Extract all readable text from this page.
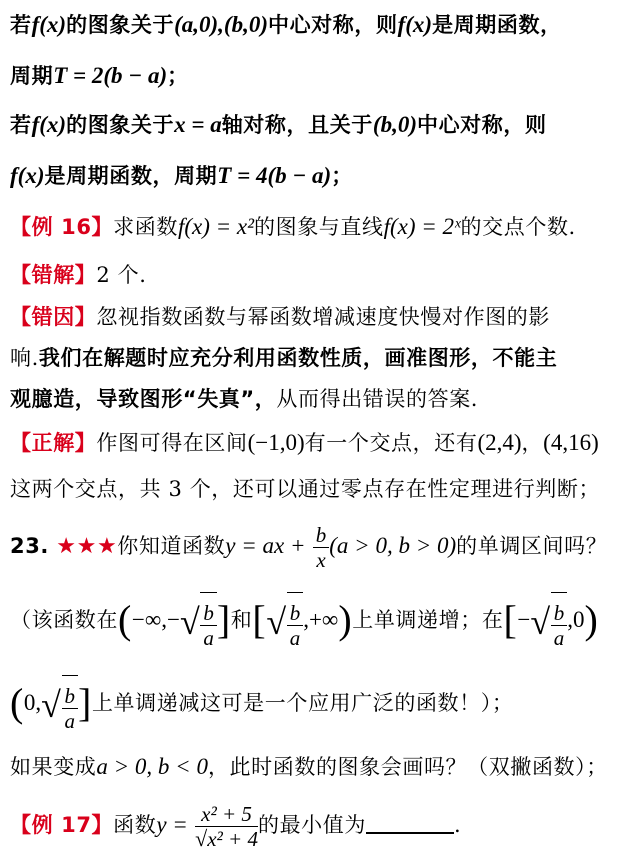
若f(x)的图象关于(a,0),(b,0)中心对称，则f(x)是周期函数，
周期T = 2(b − a)；
若f(x)的图象关于x = a轴对称，且关于(b,0)中心对称，则
f(x)是周期函数，周期T = 4(b − a)；
【例 16】求函数f(x) = x²的图象与直线f(x) = 2ˣ的交点个数.
【错解】2 个.
【错因】忽视指数函数与幂函数增减速度快慢对作图的影
响.我们在解题时应充分利用函数性质，画准图形，不能主
观臆造，导致图形“失真”，从而得出错误的答案.
【正解】作图可得在区间(−1,0)有一个交点，还有(2,4)，(4,16)
这两个交点，共 3 个，还可以通过零点存在性定理进行判断；
23. ★★★你知道函数y = ax + $\frac{b}{x} (a > 0$, b > 0)的单调区间吗？
（该函数在(−∞,−√ $\frac{b}{a}$ ]和[√ $\frac{b}{a}$ ,+∞)上单调递增；在[−√ $\frac{b}{a} ,0$)
($0,√ \frac{b}{a}$ ]上单调递减这可是一个应用广泛的函数！）；
如果变成a > 0, b < 0，此时函数的图象会画吗？（双撇函数）；
【例 17】函数$y = \frac{\text{x² + 5}}{\text{√x² + 4}}$ 的最小值为	.
